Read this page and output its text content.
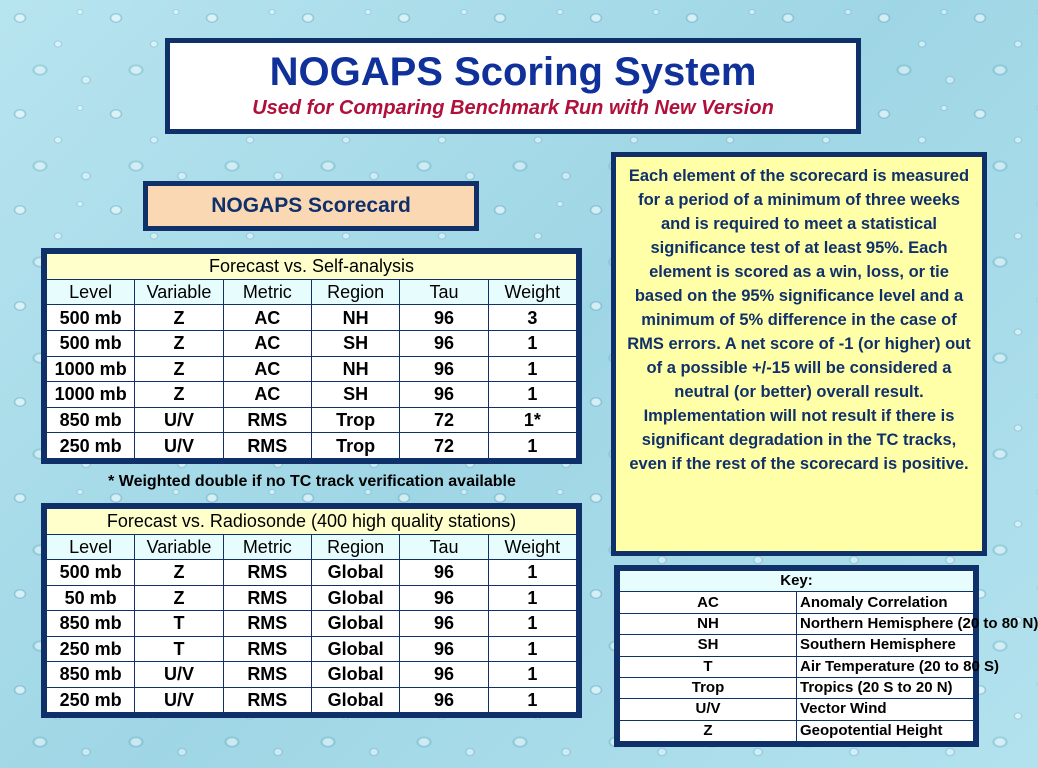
NOGAPS Scoring System
Used for Comparing Benchmark Run with New Version
NOGAPS Scorecard
Forecast vs. Self-analysis					
Level	Variable	Metric	Region	Tau	Weight
500 mb	Z	AC	NH	96	3
500 mb	Z	AC	SH	96	1
1000 mb	Z	AC	NH	96	1
1000 mb	Z	AC	SH	96	1
850 mb	U/V	RMS	Trop	72	1*
250 mb	U/V	RMS	Trop	72	1
* Weighted double if no TC track verification available
Forecast vs. Radiosonde (400 high quality stations)					
Level	Variable	Metric	Region	Tau	Weight
500 mb	Z	RMS	Global	96	1
50 mb	Z	RMS	Global	96	1
850 mb	T	RMS	Global	96	1
250 mb	T	RMS	Global	96	1
850 mb	U/V	RMS	Global	96	1
250 mb	U/V	RMS	Global	96	1
Each element of the scorecard is measured for a period of a minimum of three weeks and is required to meet a statistical significance test of at least 95%. Each element is scored as a win, loss, or tie based on the 95% significance level and a minimum of 5% difference in the case of RMS errors. A net score of -1 (or higher) out of a possible +/-15 will be considered a neutral (or better) overall result. Implementation will not result if there is significant degradation in the TC tracks, even if the rest of the scorecard is positive.
Key:	
AC	Anomaly Correlation
NH	Northern Hemisphere (20 to 80 N)
SH	Southern Hemisphere
T	Air Temperature (20 to 80 S)
Trop	Tropics (20 S to 20 N)
U/V	Vector Wind
Z	Geopotential Height
